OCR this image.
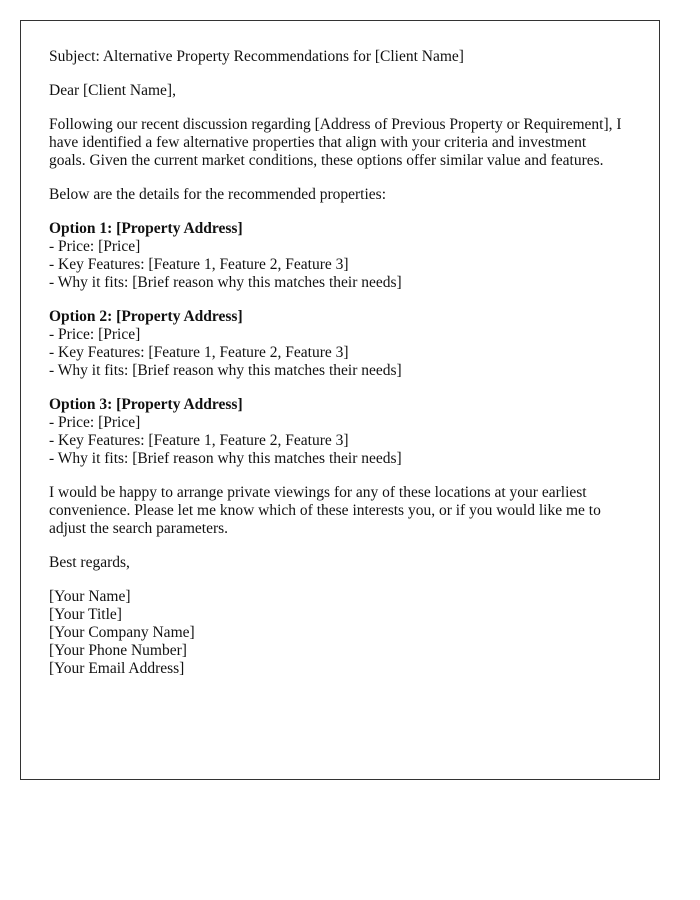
Subject: Alternative Property Recommendations for [Client Name]

Dear [Client Name],

Following our recent discussion regarding [Address of Previous Property or Requirement], I have identified a few alternative properties that align with your criteria and investment goals. Given the current market conditions, these options offer similar value and features.

Below are the details for the recommended properties:

Option 1: [Property Address]
- Price: [Price]
- Key Features: [Feature 1, Feature 2, Feature 3]
- Why it fits: [Brief reason why this matches their needs]
Option 2: [Property Address]
- Price: [Price]
- Key Features: [Feature 1, Feature 2, Feature 3]
- Why it fits: [Brief reason why this matches their needs]
Option 3: [Property Address]
- Price: [Price]
- Key Features: [Feature 1, Feature 2, Feature 3]
- Why it fits: [Brief reason why this matches their needs]

I would be happy to arrange private viewings for any of these locations at your earliest convenience. Please let me know which of these interests you, or if you would like me to adjust the search parameters.

Best regards,

[Your Name]
[Your Title]
[Your Company Name]
[Your Phone Number]
[Your Email Address]
